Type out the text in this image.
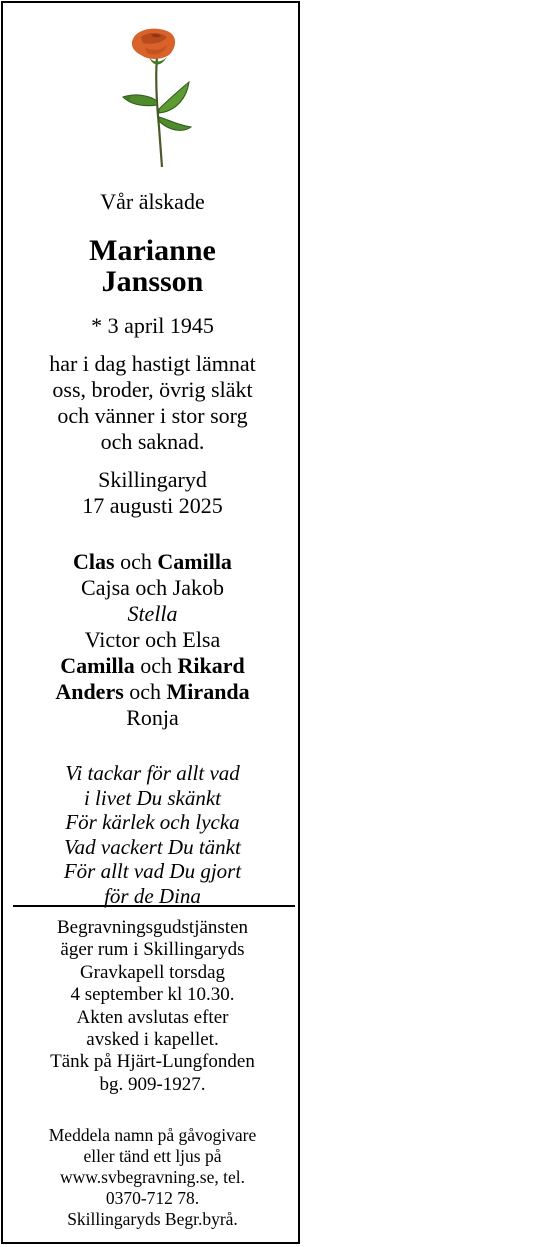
Vår älskade
Marianne
Jansson
* 3 april 1945
har i dag hastigt lämnat
oss, broder, övrig släkt
och vänner i stor sorg
och saknad.
Skillingaryd
17 augusti 2025
Clas och Camilla
Cajsa och Jakob
Stella
Victor och Elsa
Camilla och Rikard
Anders och Miranda
Ronja
Vi tackar för allt vad
i livet Du skänkt
För kärlek och lycka
Vad vackert Du tänkt
För allt vad Du gjort
för de Dina
Begravningsgudstjänsten
äger rum i Skillingaryds
Gravkapell torsdag
4 september kl 10.30.
Akten avslutas efter
avsked i kapellet.
Tänk på Hjärt-Lungfonden
bg. 909-1927.
Meddela namn på gåvogivare
eller tänd ett ljus på
www.svbegravning.se, tel.
0370-712 78.
Skillingaryds Begr.byrå.
